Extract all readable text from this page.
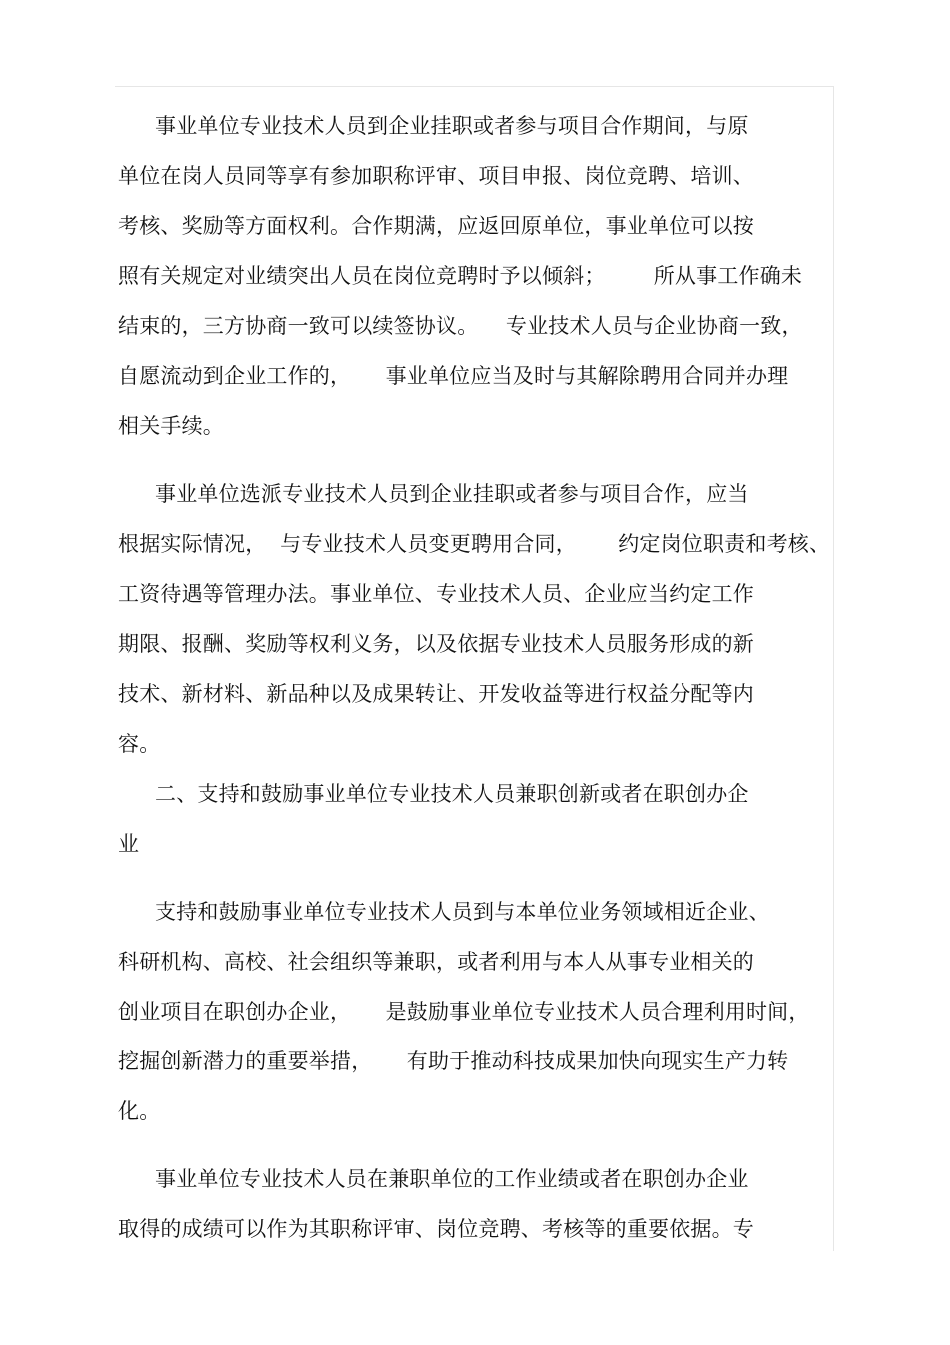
事业单位专业技术人员到企业挂职或者参与项目合作期间，与原
单位在岗人员同等享有参加职称评审、项目申报、岗位竞聘、培训、
考核、奖励等方面权利。合作期满，应返回原单位，事业单位可以按
照有关规定对业绩突出人员在岗位竞聘时予以倾斜；       所从事工作确未
结束的，三方协商一致可以续签协议。    专业技术人员与企业协商一致，
自愿流动到企业工作的，     事业单位应当及时与其解除聘用合同并办理
相关手续。
事业单位选派专业技术人员到企业挂职或者参与项目合作，应当
根据实际情况，  与专业技术人员变更聘用合同，      约定岗位职责和考核、
工资待遇等管理办法。事业单位、专业技术人员、企业应当约定工作
期限、报酬、奖励等权利义务，以及依据专业技术人员服务形成的新
技术、新材料、新品种以及成果转让、开发收益等进行权益分配等内
容。
二、支持和鼓励事业单位专业技术人员兼职创新或者在职创办企
业
支持和鼓励事业单位专业技术人员到与本单位业务领域相近企业、
科研机构、高校、社会组织等兼职，或者利用与本人从事专业相关的
创业项目在职创办企业，     是鼓励事业单位专业技术人员合理利用时间，
挖掘创新潜力的重要举措，     有助于推动科技成果加快向现实生产力转
化。
事业单位专业技术人员在兼职单位的工作业绩或者在职创办企业
取得的成绩可以作为其职称评审、岗位竞聘、考核等的重要依据。专
